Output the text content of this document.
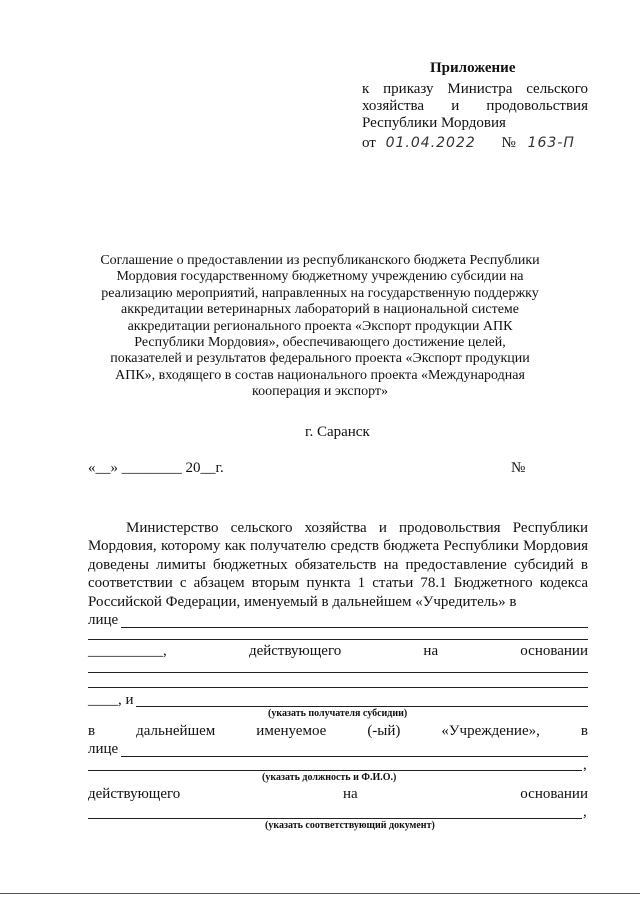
Приложение
к приказу Министра сельского
хозяйства и продовольствия
Республики Мордовия
от 01.04.2022 № 163-П
Соглашение о предоставлении из республиканского бюджета Республики Мордовия государственному бюджетному учреждению субсидии на реализацию мероприятий, направленных на государственную поддержку аккредитации ветеринарных лабораторий в национальной системе аккредитации регионального проекта «Экспорт продукции АПК Республики Мордовия», обеспечивающего достижение целей, показателей и результатов федерального проекта «Экспорт продукции АПК», входящего в состав национального проекта «Международная кооперация и экспорт»
г. Саранск
«__» ________ 20__г.	№

Министерство сельского хозяйства и продовольствия Республики Мордовия, которому как получателю средств бюджета Республики Мордовия доведены лимиты бюджетных обязательств на предоставление субсидий в соответствии с абзацем вторым пункта 1 статьи 78.1 Бюджетного кодекса Российской Федерации, именуемый в дальнейшем «Учредитель» в

лице
__________,	действующего	на	основании
____, и
(указать получателя субсидии)
в	дальнейшем	именуемое	(-ый)	«Учреждение»,	в
лице
,
(указать должность и Ф.И.О.)
действующего	на	основании
,
(указать соответствующий документ)
